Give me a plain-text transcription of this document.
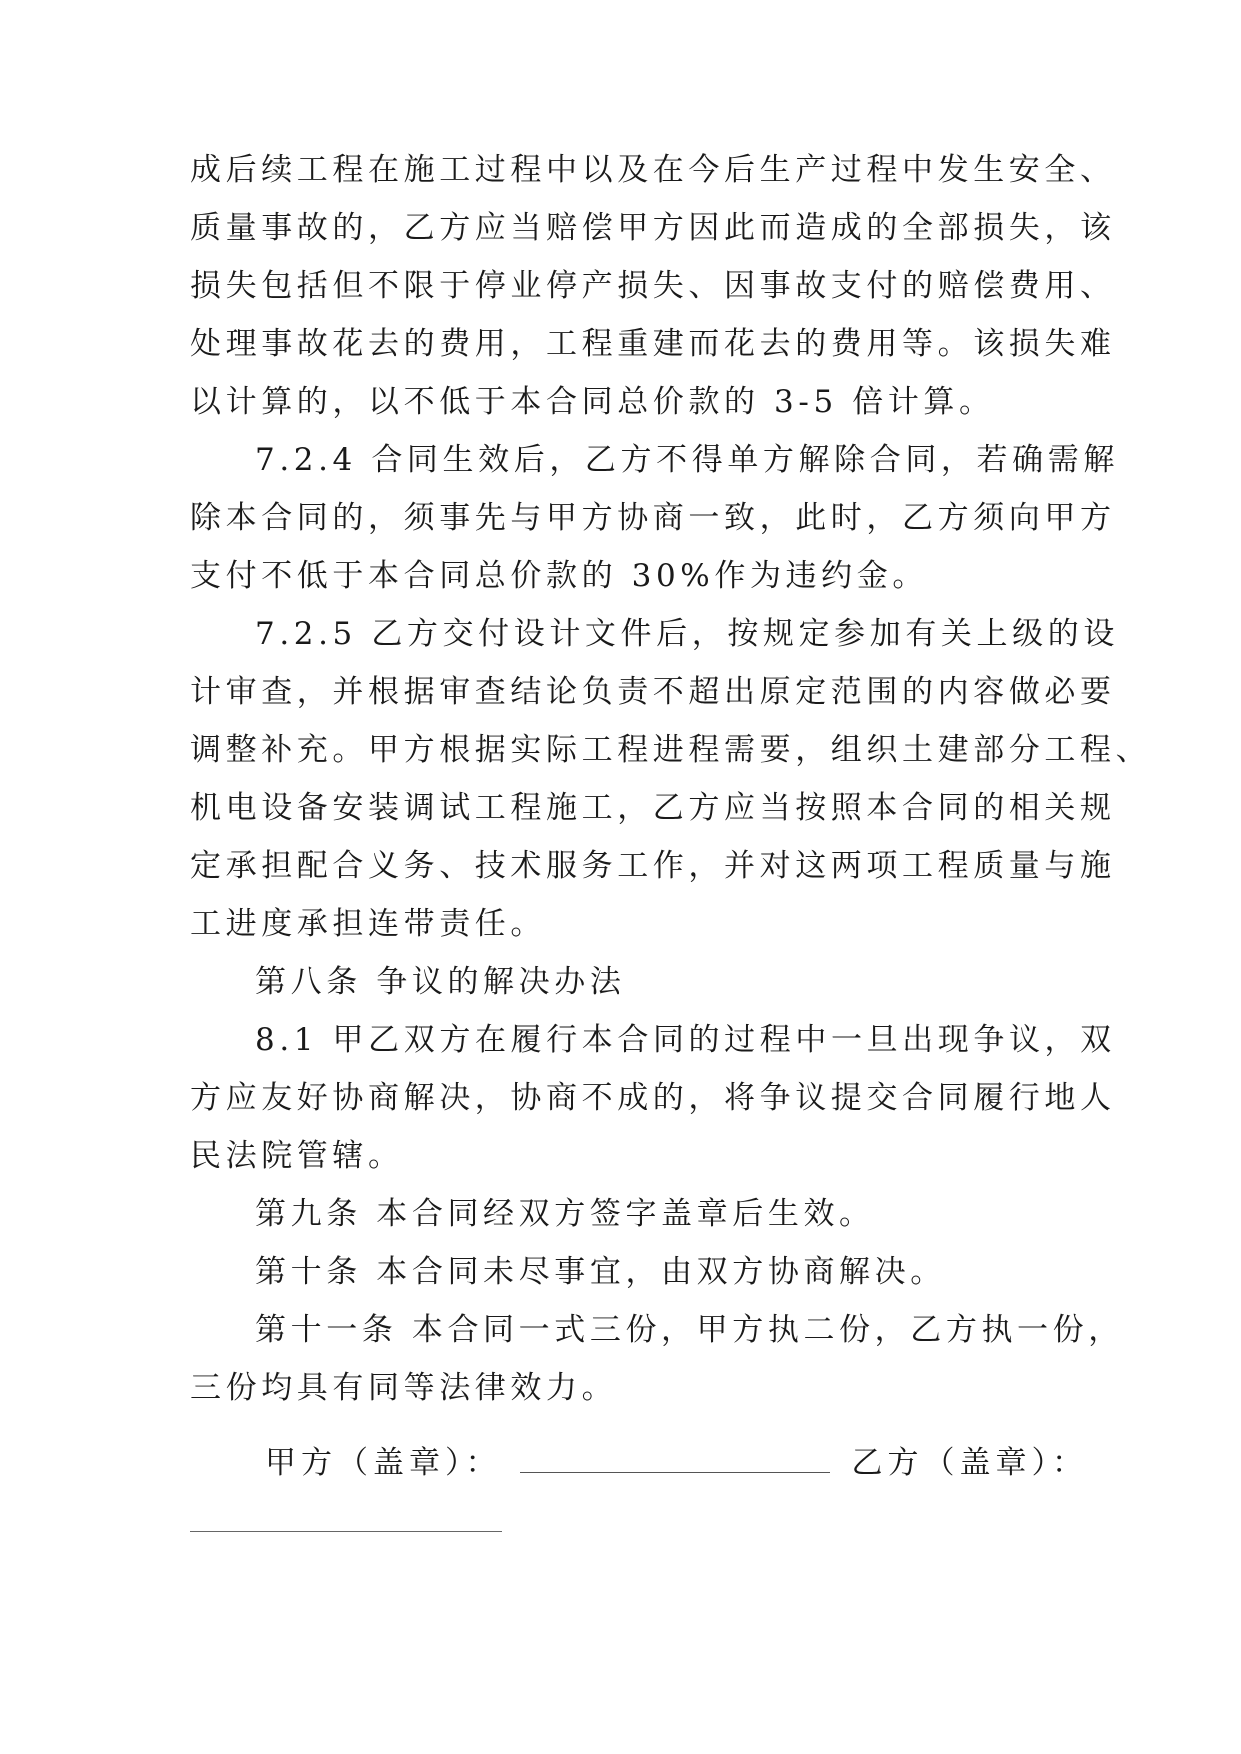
成后续工程在施工过程中以及在今后生产过程中发生安全、
质量事故的，乙方应当赔偿甲方因此而造成的全部损失，该
损失包括但不限于停业停产损失、因事故支付的赔偿费用、
处理事故花去的费用，工程重建而花去的费用等。该损失难
以计算的，以不低于本合同总价款的 3-5 倍计算。
7.2.4 合同生效后，乙方不得单方解除合同，若确需解
除本合同的，须事先与甲方协商一致，此时，乙方须向甲方
支付不低于本合同总价款的 30%作为违约金。
7.2.5 乙方交付设计文件后，按规定参加有关上级的设
计审查，并根据审查结论负责不超出原定范围的内容做必要
调整补充。甲方根据实际工程进程需要，组织土建部分工程、
机电设备安装调试工程施工，乙方应当按照本合同的相关规
定承担配合义务、技术服务工作，并对这两项工程质量与施
工进度承担连带责任。
第八条 争议的解决办法
8.1 甲乙双方在履行本合同的过程中一旦出现争议，双
方应友好协商解决，协商不成的，将争议提交合同履行地人
民法院管辖。
第九条 本合同经双方签字盖章后生效。
第十条 本合同未尽事宜，由双方协商解决。
第十一条 本合同一式三份，甲方执二份，乙方执一份，
三份均具有同等法律效力。
甲方（盖章）：	乙方（盖章）：
